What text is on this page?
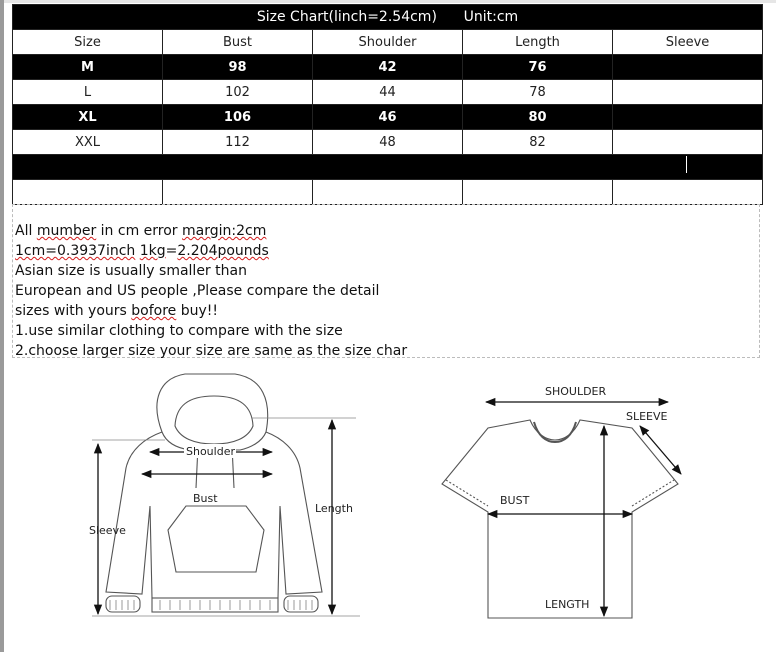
Size Chart(linch=2.54cm)      Unit:cm				
Size	Bust	Shoulder	Length	Sleeve
M	98	42	76	
L	102	44	78	
XL	106	46	80	
XXL	112	48	82	

All mumber in cm error margin:2cm
1cm=0.3937inch 1kg=2.204pounds
Asian size is usually smaller than
European and US people ,Please compare the detail
sizes with yours bofore buy!!
1.use similar clothing to compare with the size
2.choose larger size your size are same as the size char
Shoulder
Bust
Length
Sleeve
SHOULDER
SLEEVE
BUST
LENGTH
